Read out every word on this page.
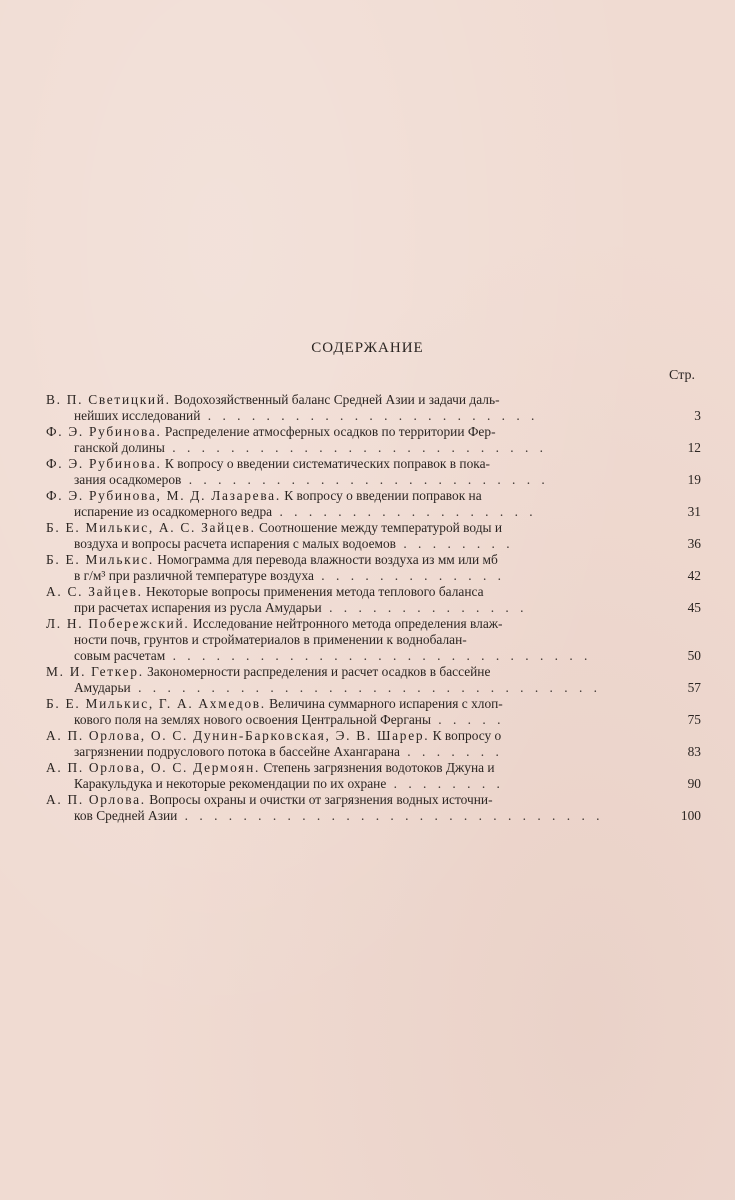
СОДЕРЖАНИЕ
Стр.
В. П. Светицкий. Водохозяйственный баланс Средней Азии и задачи даль-
нейших исследований . . . . . . . . . . . . . . . . . . . . . . .	3
Ф. Э. Рубинова. Распределение атмосферных осадков по территории Фер-
ганской долины . . . . . . . . . . . . . . . . . . . . . . . . . .	12
Ф. Э. Рубинова. К вопросу о введении систематических поправок в пока-
зания осадкомеров . . . . . . . . . . . . . . . . . . . . . . . . .	19
Ф. Э. Рубинова, М. Д. Лазарева. К вопросу о введении поправок на
испарение из осадкомерного ведра . . . . . . . . . . . . . . . . . .	31
Б. Е. Милькис, А. С. Зайцев. Соотношение между температурой воды и
воздуха и вопросы расчета испарения с малых водоемов . . . . . . . .	36
Б. Е. Милькис. Номограмма для перевода влажности воздуха из мм или мб
в г/м³ при различной температуре воздуха . . . . . . . . . . . . .	42
А. С. Зайцев. Некоторые вопросы применения метода теплового баланса
при расчетах испарения из русла Амударьи . . . . . . . . . . . . . .	45
Л. Н. Побережский. Исследование нейтронного метода определения влаж-
ности почв, грунтов и стройматериалов в применении к воднобалан-
совым расчетам . . . . . . . . . . . . . . . . . . . . . . . . . . . . .	50
М. И. Геткер. Закономерности распределения и расчет осадков в бассейне
Амударьи . . . . . . . . . . . . . . . . . . . . . . . . . . . . . . . .	57
Б. Е. Милькис, Г. А. Ахмедов. Величина суммарного испарения с хлоп-
кового поля на землях нового освоения Центральной Ферганы . . . . .	75
А. П. Орлова, О. С. Дунин-Барковская, Э. В. Шарер. К вопросу о
загрязнении подруслового потока в бассейне Ахангарана . . . . . . .	83
А. П. Орлова, О. С. Дермоян. Степень загрязнения водотоков Джуна и
Каракульдука и некоторые рекомендации по их охране . . . . . . . .	90
А. П. Орлова. Вопросы охраны и очистки от загрязнения водных источни-
ков Средней Азии . . . . . . . . . . . . . . . . . . . . . . . . . . . . .	100
